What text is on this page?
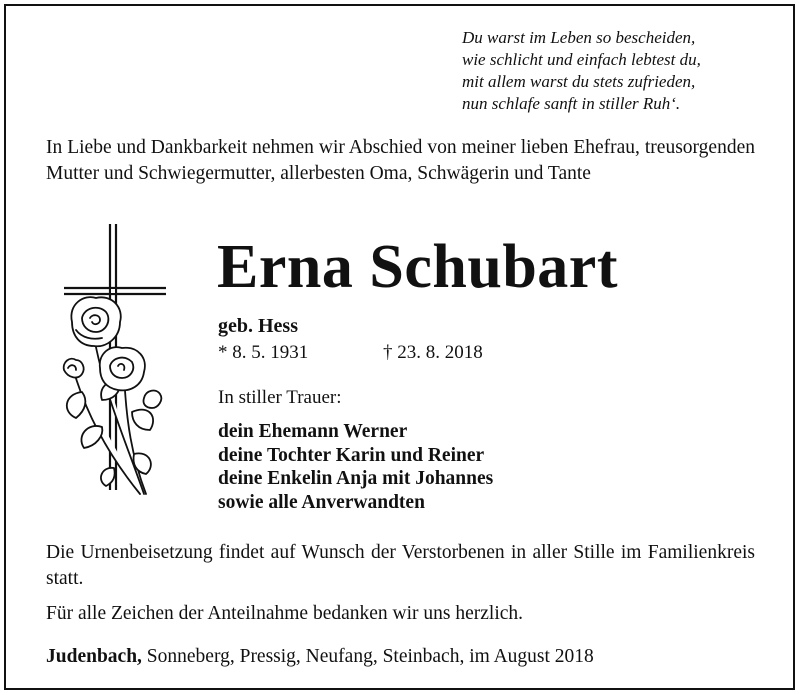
Du warst im Leben so bescheiden,
wie schlicht und einfach lebtest du,
mit allem warst du stets zufrieden,
nun schlafe sanft in stiller Ruh‘.
In Liebe und Dankbarkeit nehmen wir Abschied von meiner lieben Ehefrau, treusorgenden Mutter und Schwiegermutter, allerbesten Oma, Schwägerin und Tante
Erna Schubart
geb. Hess
* 8. 5. 1931	† 23. 8. 2018
In stiller Trauer:
dein Ehemann Werner
deine Tochter Karin und Reiner
deine Enkelin Anja mit Johannes
sowie alle Anverwandten
Die Urnenbeisetzung findet auf Wunsch der Verstorbenen in aller Stille im Familienkreis statt.
Für alle Zeichen der Anteilnahme bedanken wir uns herzlich.
Judenbach, Sonneberg, Pressig, Neufang, Steinbach, im August 2018
